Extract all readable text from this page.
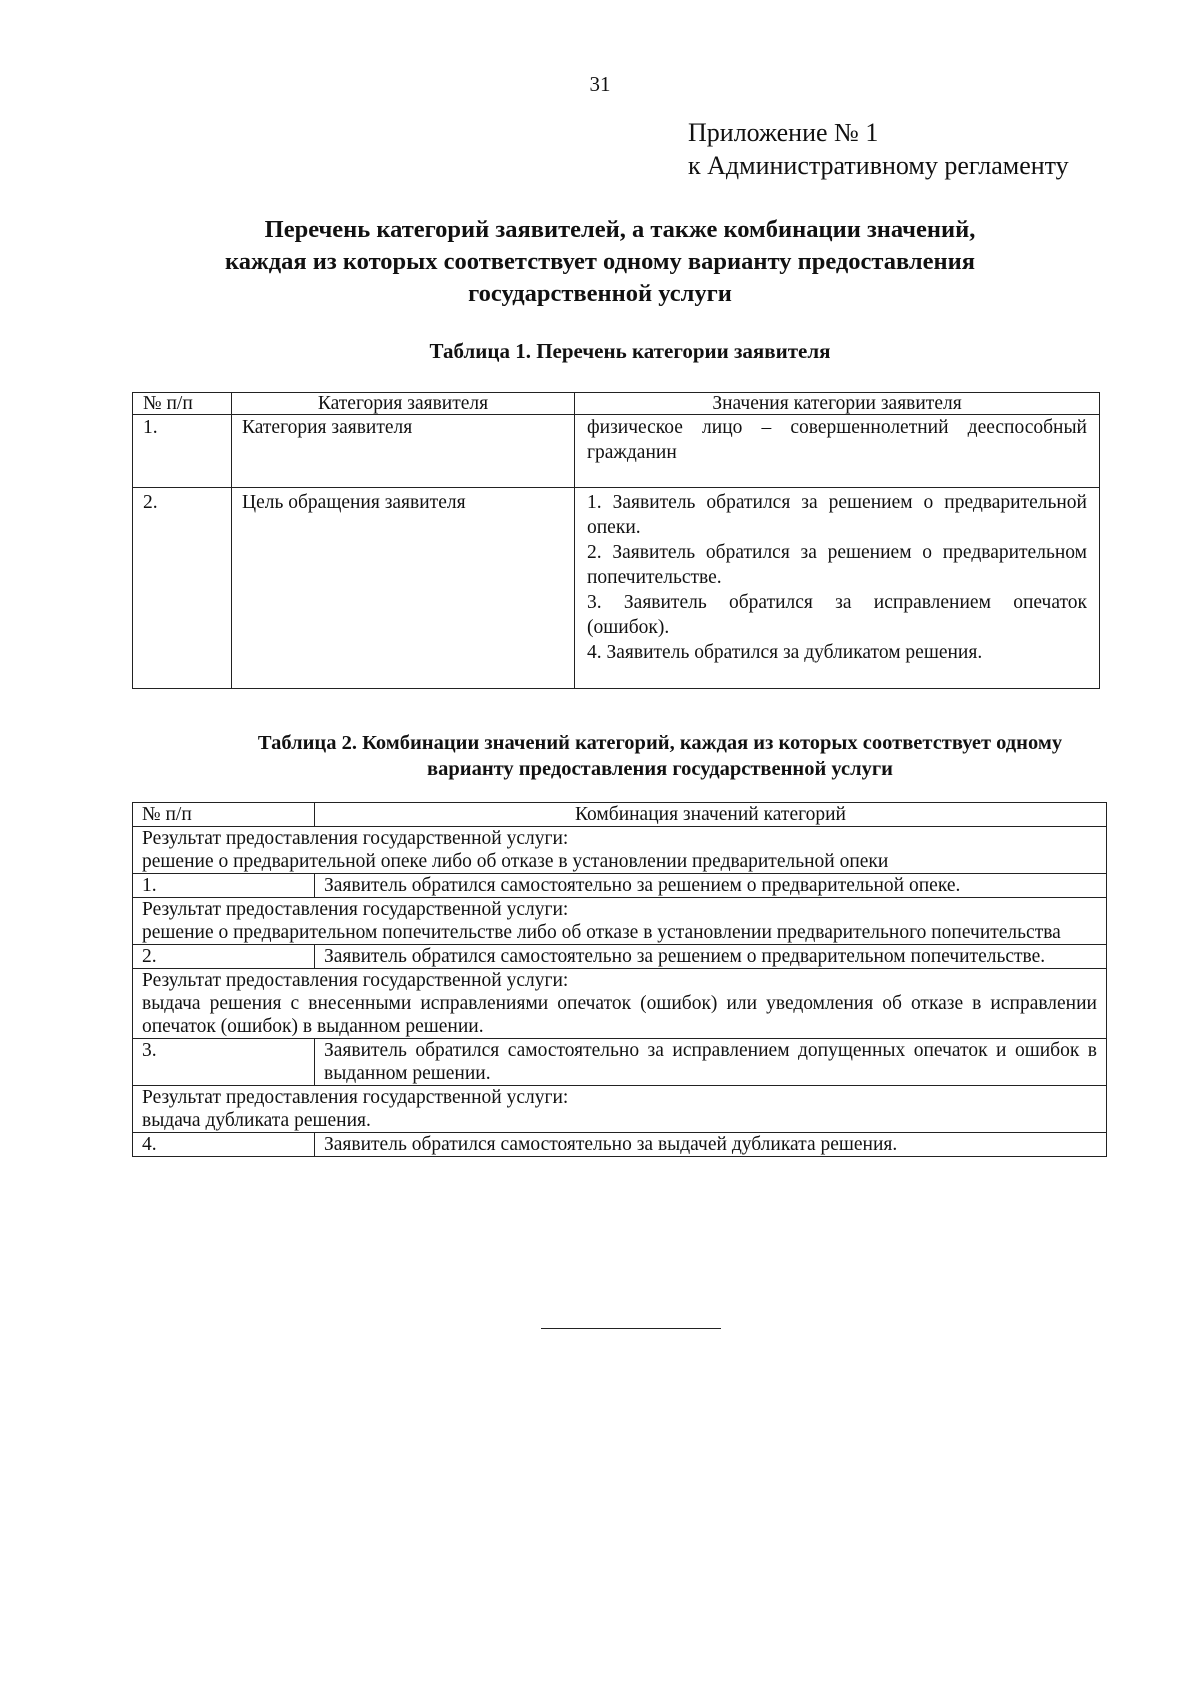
31
Приложение № 1
к Административному регламенту
Перечень категорий заявителей, а также комбинации значений,
каждая из которых соответствует одному варианту предоставления
государственной услуги
Таблица 1. Перечень категории заявителя
№ п/п	Категория заявителя	Значения категории заявителя
1.	Категория заявителя	физическое лицо – совершеннолетний дееспособный гражданин
2.	Цель обращения заявителя	1. Заявитель обратился за решением о предварительной опеки.
2. Заявитель обратился за решением о предварительном попечительстве.
3. Заявитель обратился за исправлением опечаток (ошибок).
4. Заявитель обратился за дубликатом решения.
Таблица 2. Комбинации значений категорий, каждая из которых соответствует одному
варианту предоставления государственной услуги
№ п/п	Комбинация значений категорий

Результат предоставления государственной услуги:
решение о предварительной опеке либо об отказе в установлении предварительной опеки	

1.	Заявитель обратился самостоятельно за решением о предварительной опеке.

Результат предоставления государственной услуги:
решение о предварительном попечительстве либо об отказе в установлении предварительного попечительства	

2.	Заявитель обратился самостоятельно за решением о предварительном попечительстве.

Результат предоставления государственной услуги:
выдача решения с внесенными исправлениями опечаток (ошибок) или уведомления об отказе в исправлении опечаток (ошибок) в выданном решении.	

3.	Заявитель обратился самостоятельно за исправлением допущенных опечаток и ошибок в выданном решении.

Результат предоставления государственной услуги:
выдача дубликата решения.	

4.	Заявитель обратился самостоятельно за выдачей дубликата решения.
